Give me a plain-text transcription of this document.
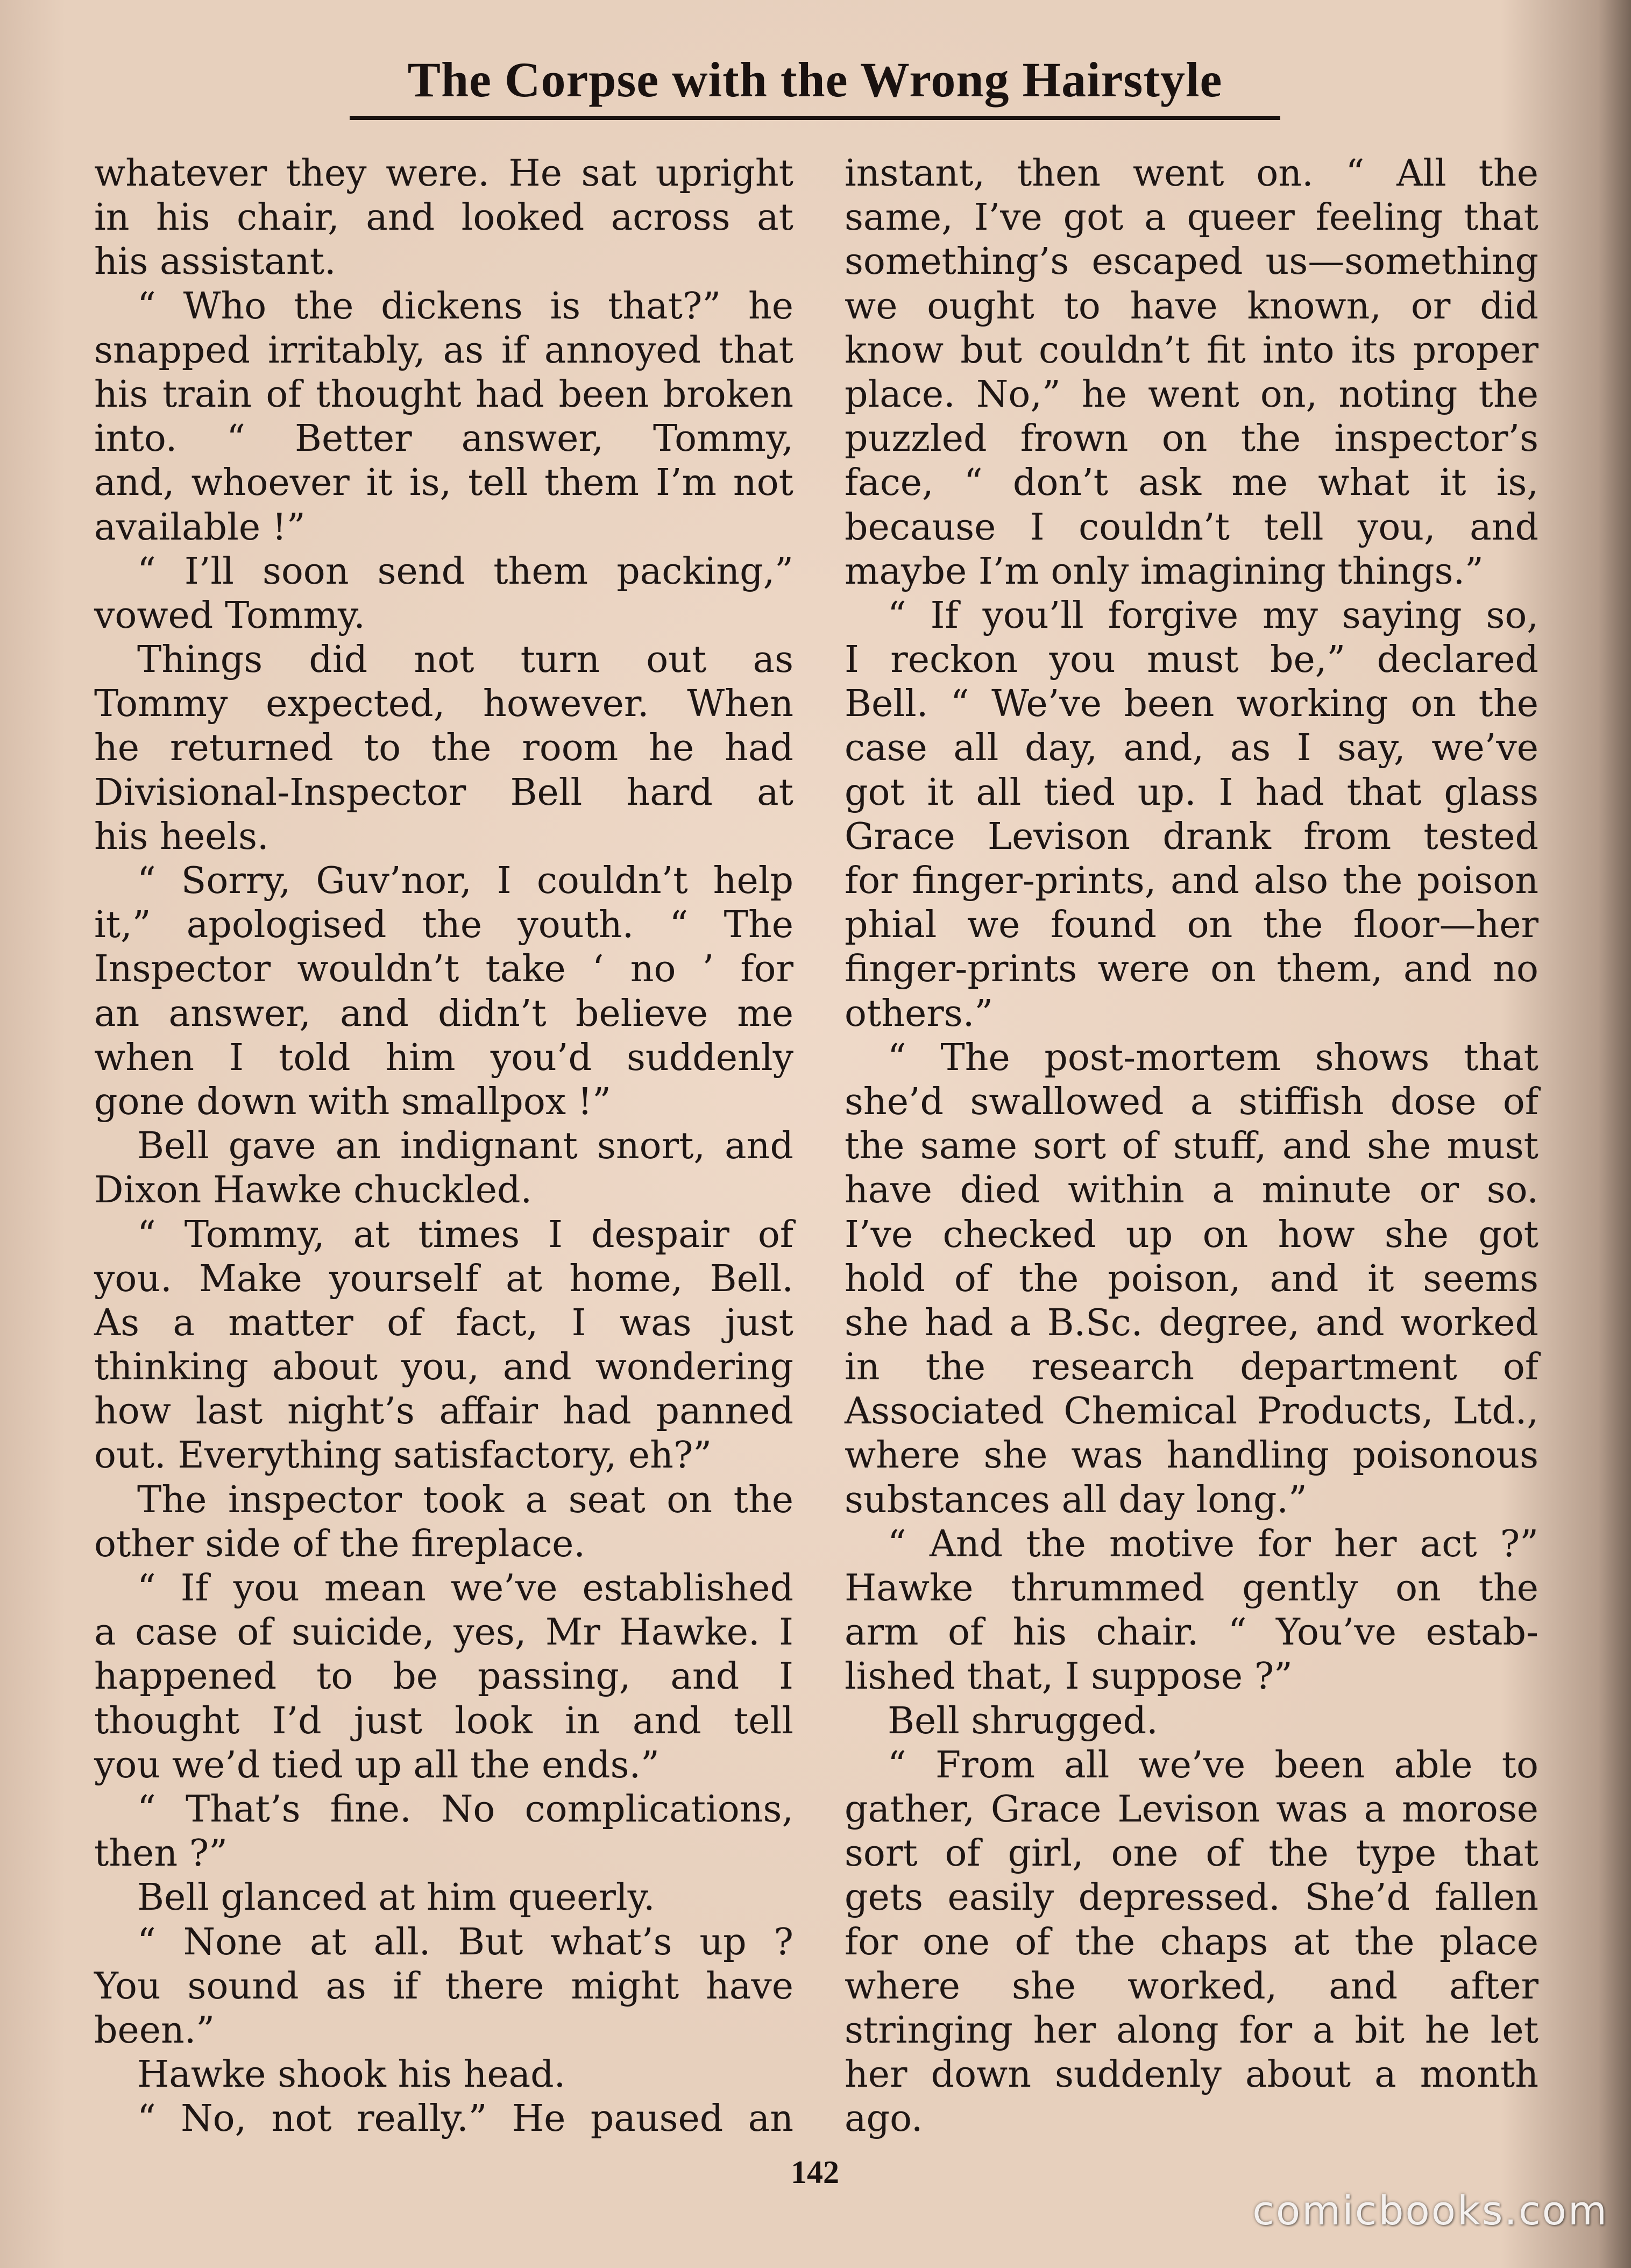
The Corpse with the Wrong Hairstyle
whatever they were. He sat upright
in his chair, and looked across at
his assistant.
“ Who the dickens is that?” he
snapped irritably, as if annoyed that
his train of thought had been broken
into. “ Better answer, Tommy,
and, whoever it is, tell them I’m not
available !”
“ I’ll soon send them packing,”
vowed Tommy.
Things did not turn out as
Tommy expected, however. When
he returned to the room he had
Divisional-Inspector Bell hard at
his heels.
“ Sorry, Guv’nor, I couldn’t help
it,” apologised the youth. “ The
Inspector wouldn’t take ‘ no ’ for
an answer, and didn’t believe me
when I told him you’d suddenly
gone down with smallpox !”
Bell gave an indignant snort, and
Dixon Hawke chuckled.
“ Tommy, at times I despair of
you. Make yourself at home, Bell.
As a matter of fact, I was just
thinking about you, and wondering
how last night’s affair had panned
out. Everything satisfactory, eh?”
The inspector took a seat on the
other side of the fireplace.
“ If you mean we’ve established
a case of suicide, yes, Mr Hawke. I
happened to be passing, and I
thought I’d just look in and tell
you we’d tied up all the ends.”
“ That’s fine. No complications,
then ?”
Bell glanced at him queerly.
“ None at all. But what’s up ?
You sound as if there might have
been.”
Hawke shook his head.
“ No, not really.” He paused an
instant, then went on. “ All the
same, I’ve got a queer feeling that
something’s escaped us—something
we ought to have known, or did
know but couldn’t fit into its proper
place. No,” he went on, noting the
puzzled frown on the inspector’s
face, “ don’t ask me what it is,
because I couldn’t tell you, and
maybe I’m only imagining things.”
“ If you’ll forgive my saying so,
I reckon you must be,” declared
Bell. “ We’ve been working on the
case all day, and, as I say, we’ve
got it all tied up. I had that glass
Grace Levison drank from tested
for finger-prints, and also the poison
phial we found on the floor—her
finger-prints were on them, and no
others.”
“ The post-mortem shows that
she’d swallowed a stiffish dose of
the same sort of stuff, and she must
have died within a minute or so.
I’ve checked up on how she got
hold of the poison, and it seems
she had a B.Sc. degree, and worked
in the research department of
Associated Chemical Products, Ltd.,
where she was handling poisonous
substances all day long.”
“ And the motive for her act ?”
Hawke thrummed gently on the
arm of his chair. “ You’ve estab-
lished that, I suppose ?”
Bell shrugged.
“ From all we’ve been able to
gather, Grace Levison was a morose
sort of girl, one of the type that
gets easily depressed. She’d fallen
for one of the chaps at the place
where she worked, and after
stringing her along for a bit he let
her down suddenly about a month
ago.
142
comicbooks.com
